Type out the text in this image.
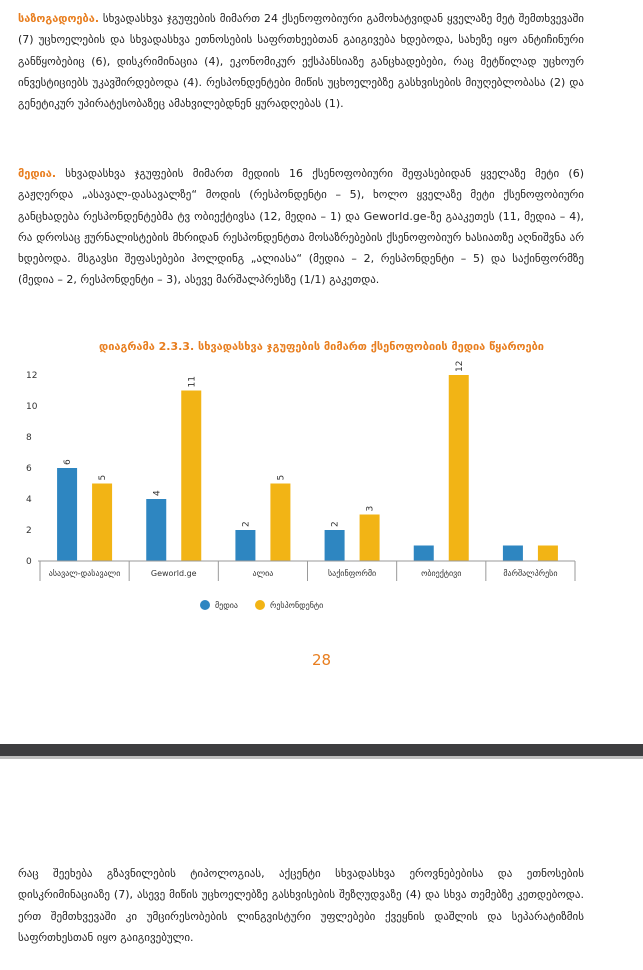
საზოგადოება. სხვადასხვა ჯგუფების მიმართ 24 ქსენოფობიური გამოხატვიდან ყველაზე მეტ შემთხვევაში (7) უცხოელების და სხვადასხვა ეთნოსების საფრთხეებთან გაიგივება ხდებოდა, სახეზე იყო ანტიჩინური განწყობებიც (6), დისკრიმინაცია (4), ეკონომიკურ ექსპანსიაზე განცხადებები, რაც მეტწილად უცხოურ ინვესტიციებს უკავშირდებოდა (4). რესპონდენტები მიწის უცხოელებზე გასხვისების მიუღებლობასა (2) და გენეტიკურ უპირატესობაზეც ამახვილებდნენ ყურადღებას (1).

მედია. სხვადასხვა ჯგუფების მიმართ მედიის 16 ქსენოფობიური შეფასებიდან ყველაზე მეტი (6) გაჟღერდა „ასავალ-დასავალზე“ მოდის (რესპონდენტი – 5), ხოლო ყველაზე მეტი ქსენოფობიური განცხადება რესპონდენტებმა ტვ ობიექტივსა (12, მედია – 1) და Geworld.ge-ზე გააკეთეს (11, მედია – 4), რა დროსაც ჟურნალისტების მხრიდან რესპონდენტთა მოსაზრებების ქსენოფობიურ ხასიათზე აღნიშვნა არ ხდებოდა. მსგავსი შეფასებები ჰოლდინგ „ალიასა“ (მედია – 2, რესპონდენტი – 5) და საქინფორმზე (მედია – 2, რესპონდენტი – 3), ასევე მარშალპრესზე (1/1) გაკეთდა.

დიაგრამა 2.3.3. სხვადასხვა ჯგუფების მიმართ ქსენოფობიის მედია წყაროები
0
2
4
6
8
10
12
6
4
2	2
5
11
5
3
12
ასავალ-დასავალი	Geworld.ge	ალია	საქინფორმი	ობიექტივი	მარშალპრესი
მედია	რესპონდენტი
28

რაც შეეხება გზავნილების ტიპოლოგიას, აქცენტი სხვადასხვა ეროვნებებისა და ეთნოსების დისკრიმინაციაზე (7), ასევე მიწის უცხოელებზე გასხვისების შეზღუდვაზე (4) და სხვა თემებზე კეთდებოდა. ერთ შემთხვევაში კი უმცირესობების ლინგვისტური უფლებები ქვეყნის დაშლის და სეპარატიზმის საფრთხესთან იყო გაიგივებული.
